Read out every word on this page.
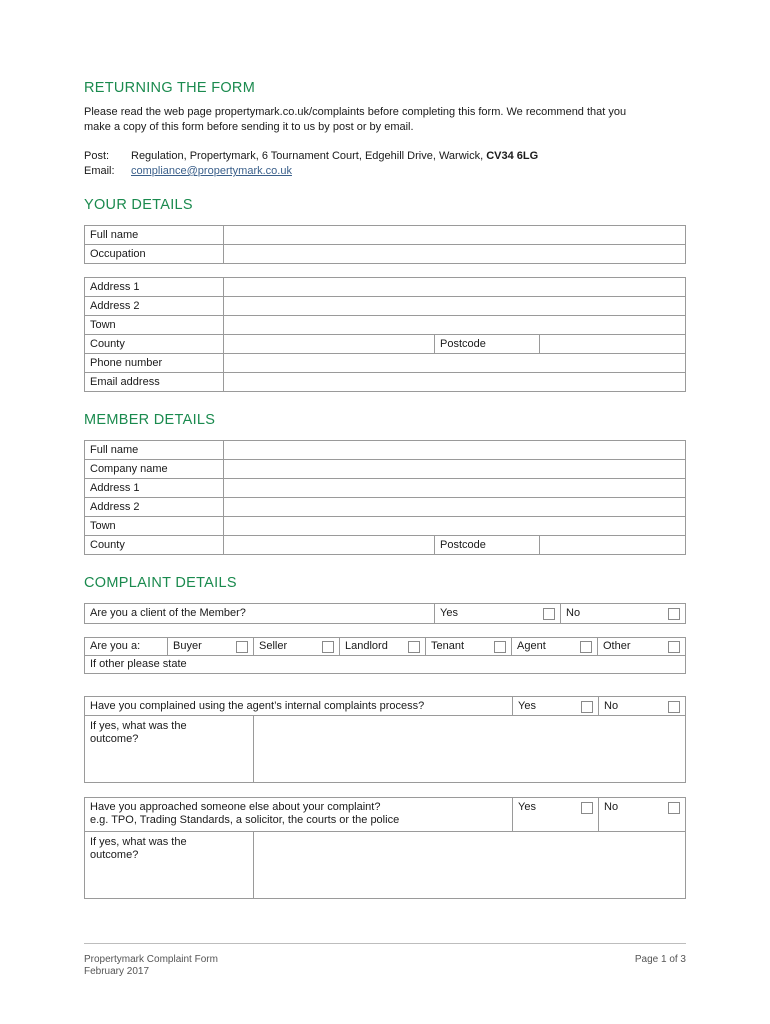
RETURNING THE FORM
Please read the web page propertymark.co.uk/complaints before completing this form. We recommend that you
make a copy of this form before sending it to us by post or by email.
Post: Regulation, Propertymark, 6 Tournament Court, Edgehill Drive, Warwick, CV34 6LG
Email: compliance@propertymark.co.uk
YOUR DETAILS
Full name	
Occupation	
Address 1			
Address 2			
Town			
County		Postcode	
Phone number			
Email address			
MEMBER DETAILS
Full name			
Company name			
Address 1			
Address 2			
Town			
County		Postcode	
COMPLAINT DETAILS
Are you a client of the Member?	Yes	No
Are you a:	Buyer	Seller	Landlord	Tenant	Agent	Other

If other please state
Have you complained using the agent’s internal complaints process?		Yes	No

If yes, what was the
outcome?			

Have you approached someone else about your complaint?
e.g. TPO, Trading Standards, a solicitor, the courts or the police		Yes	No

If yes, what was the
outcome?			

Propertymark Complaint Form
February 2017
Page 1 of 3
